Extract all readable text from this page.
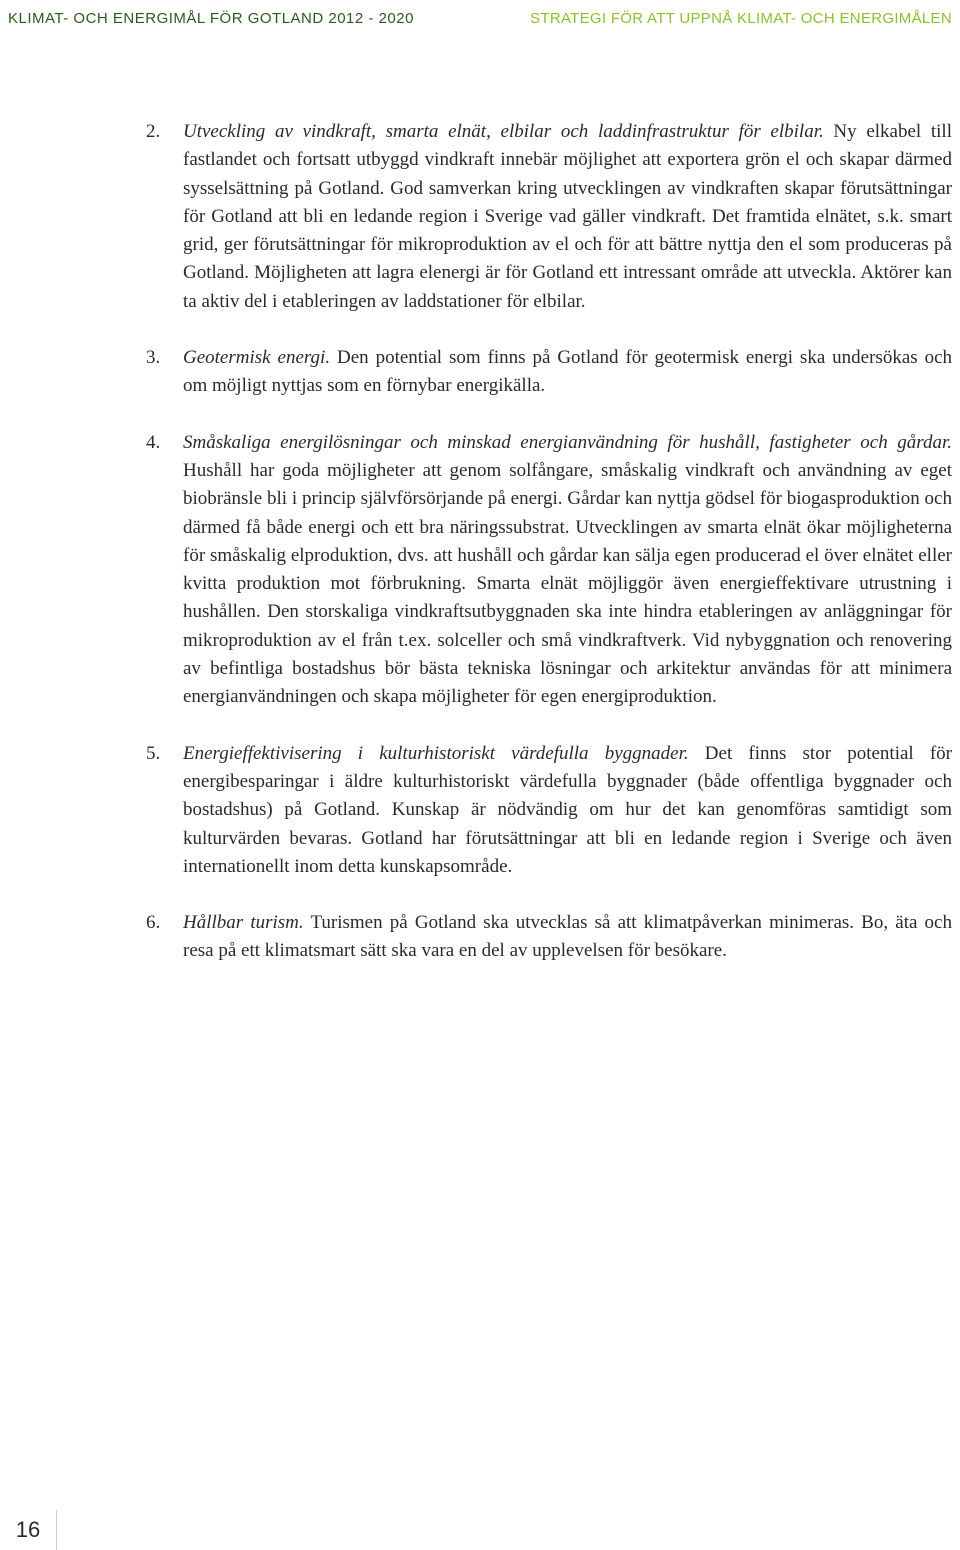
KLIMAT- OCH ENERGIMÅL FÖR GOTLAND 2012 - 2020	STRATEGI FÖR ATT UPPNÅ KLIMAT- OCH ENERGIMÅLEN
2. Utveckling av vindkraft, smarta elnät, elbilar och laddinfrastruktur för elbilar. Ny elkabel till fastlandet och fortsatt utbyggd vindkraft innebär möjlighet att exportera grön el och skapar därmed sysselsättning på Gotland. God samverkan kring utvecklingen av vindkraften skapar förutsättningar för Gotland att bli en ledande region i Sverige vad gäller vindkraft. Det framtida elnätet, s.k. smart grid, ger förutsättningar för mikroproduktion av el och för att bättre nyttja den el som produceras på Gotland. Möjligheten att lagra elenergi är för Gotland ett intressant område att utveckla. Aktörer kan ta aktiv del i etableringen av laddstationer för elbilar.
3. Geotermisk energi. Den potential som finns på Gotland för geotermisk energi ska undersökas och om möjligt nyttjas som en förnybar energikälla.
4. Småskaliga energilösningar och minskad energianvändning för hushåll, fastigheter och gårdar. Hushåll har goda möjligheter att genom solfångare, småskalig vindkraft och användning av eget biobränsle bli i princip självförsörjande på energi. Gårdar kan nyttja gödsel för biogasproduktion och därmed få både energi och ett bra näringssubstrat. Utvecklingen av smarta elnät ökar möjligheterna för småskalig elproduktion, dvs. att hushåll och gårdar kan sälja egen producerad el över elnätet eller kvitta produktion mot förbrukning. Smarta elnät möjliggör även energieffektivare utrustning i hushållen. Den storskaliga vindkraftsutbyggnaden ska inte hindra etableringen av anläggningar för mikroproduktion av el från t.ex. solceller och små vindkraftverk. Vid nybyggnation och renovering av befintliga bostadshus bör bästa tekniska lösningar och arkitektur användas för att minimera energianvändningen och skapa möjligheter för egen energiproduktion.
5. Energieffektivisering i kulturhistoriskt värdefulla byggnader. Det finns stor potential för energibesparingar i äldre kulturhistoriskt värdefulla byggnader (både offentliga byggnader och bostadshus) på Gotland. Kunskap är nödvändig om hur det kan genomföras samtidigt som kulturvärden bevaras. Gotland har förutsättningar att bli en ledande region i Sverige och även internationellt inom detta kunskapsområde.
6. Hållbar turism. Turismen på Gotland ska utvecklas så att klimatpåverkan minimeras. Bo, äta och resa på ett klimatsmart sätt ska vara en del av upplevelsen för besökare.
16
